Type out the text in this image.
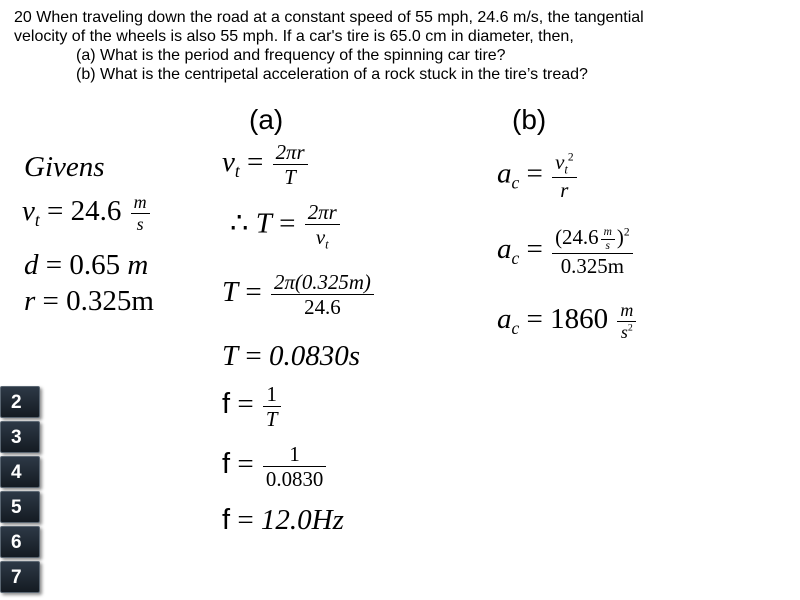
20 When traveling down the road at a constant speed of 55 mph, 24.6 m/s, the tangential
velocity of the wheels is also 55 mph. If a car's tire is 65.0 cm in diameter, then,
(a) What is the period and frequency of the spinning car tire?
(b) What is the centripetal acceleration of a rock stuck in the tire’s tread?
Givens
$v_t = 24.6 \frac{m}{s}$
d = 0.65 m
r = 0.325m
(a)
$v_t = \frac{2\pi r}{T}$
∴ $T = \frac{2\pi r}{v_t}$
$T = \frac{2\pi(0.325m)}{24.6}$
T = 0.0830s
$f = \frac{1}{T}$
$f = \frac{1}{0.0830}$
f = 12.0Hz
(b)
$a_c = \frac{v_t^2}{r}$
$a_c = \frac{(24.6 \frac{m}{s} )^2}{0.325m}$
$a_c = 1860 \frac{m}{s^2}$
2
3
4
5
6
7
